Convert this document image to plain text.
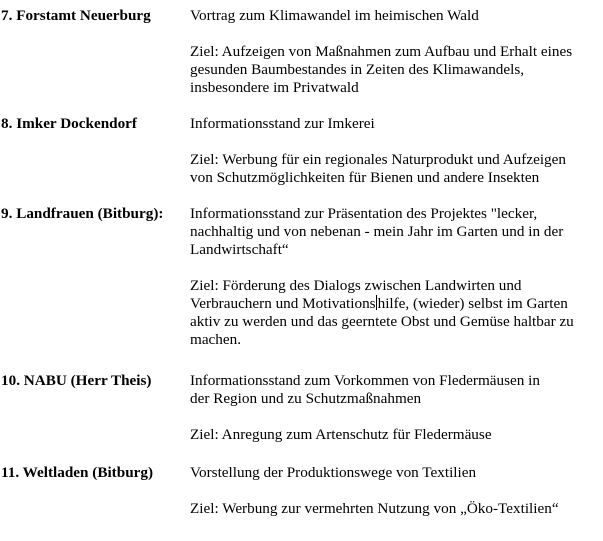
7. Forstamt Neuerburg	Vortrag zum Klimawandel im heimischen Wald
Ziel: Aufzeigen von Maßnahmen zum Aufbau und Erhalt eines
gesunden Baumbestandes in Zeiten des Klimawandels,
insbesondere im Privatwald
8. Imker Dockendorf	Informationsstand zur Imkerei
Ziel: Werbung für ein regionales Naturprodukt und Aufzeigen
von Schutzmöglichkeiten für Bienen und andere Insekten
9. Landfrauen (Bitburg): Informationsstand zur Präsentation des Projektes "lecker,
nachhaltig und von nebenan - mein Jahr im Garten und in der
Landwirtschaft“
Ziel: Förderung des Dialogs zwischen Landwirten und
Verbrauchern und Motivations hilfe, (wieder) selbst im Garten
aktiv zu werden und das geerntete Obst und Gemüse haltbar zu
machen.
10. NABU (Herr Theis)	Informationsstand zum Vorkommen von Fledermäusen in
der Region und zu Schutzmaßnahmen
Ziel: Anregung zum Artenschutz für Fledermäuse
11. Weltladen (Bitburg) Vorstellung der Produktionswege von Textilien
Ziel: Werbung zur vermehrten Nutzung von „Öko-Textilien“
